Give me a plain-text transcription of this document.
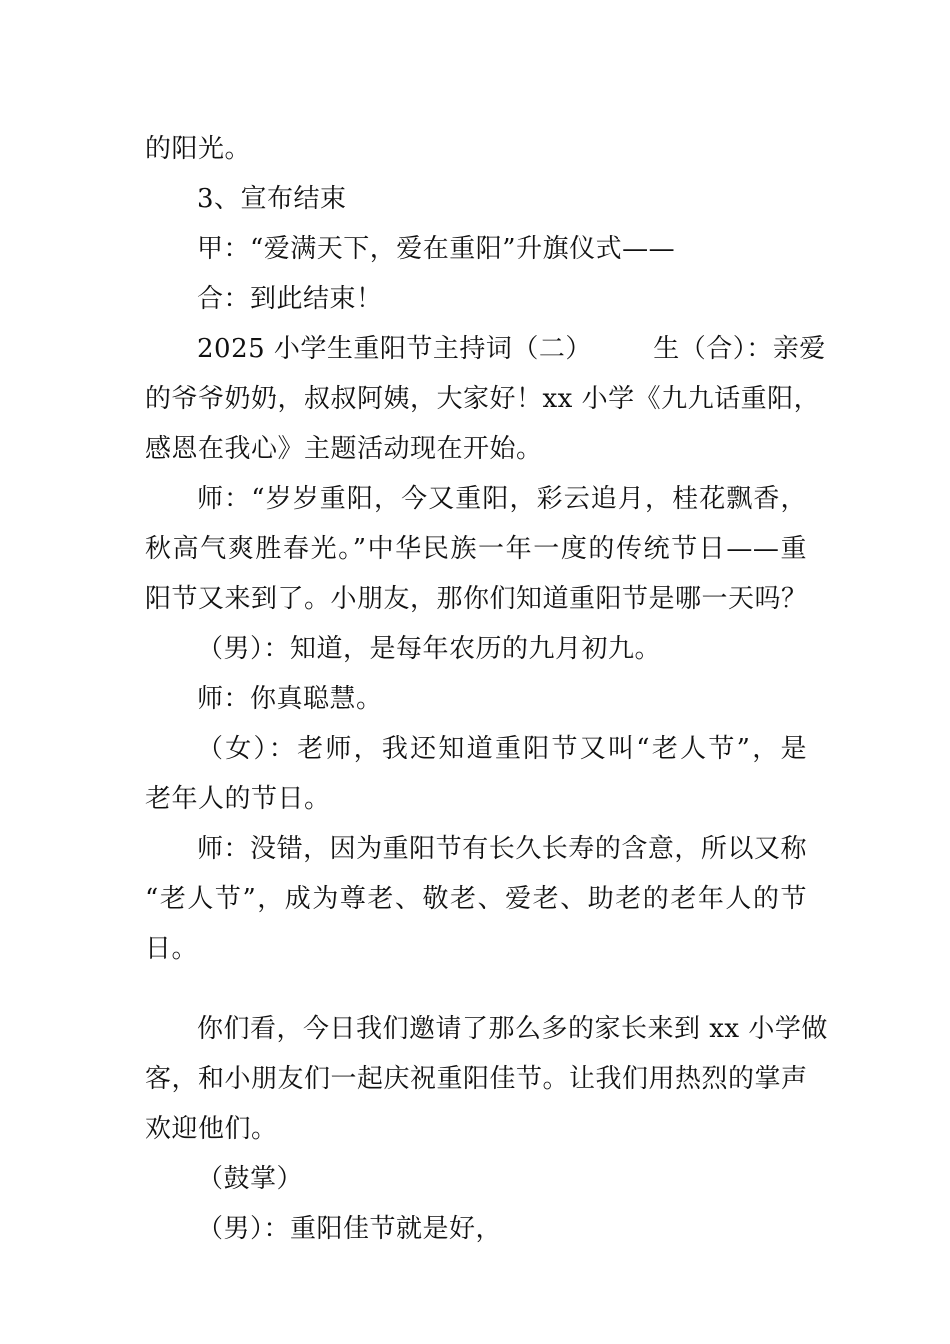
的阳光。
3、宣布结束
甲：“爱满天下，爱在重阳”升旗仪式——
合：到此结束！
2025 小学生重阳节主持词（二）       生（合）：亲爱
的爷爷奶奶，叔叔阿姨，大家好！xx 小学《九九话重阳，
感恩在我心》主题活动现在开始。
师：“岁岁重阳，今又重阳，彩云追月，桂花飘香，
秋高气爽胜春光。”中华民族一年一度的传统节日——重
阳节又来到了。小朋友，那你们知道重阳节是哪一天吗？
（男）：知道，是每年农历的九月初九。
师：你真聪慧。
（女）：老师，我还知道重阳节又叫“老人节”，是
老年人的节日。
师：没错，因为重阳节有长久长寿的含意，所以又称
“老人节”，成为尊老、敬老、爱老、助老的老年人的节
日。
你们看，今日我们邀请了那么多的家长来到 xx 小学做
客，和小朋友们一起庆祝重阳佳节。让我们用热烈的掌声
欢迎他们。
（鼓掌）
（男）：重阳佳节就是好，
